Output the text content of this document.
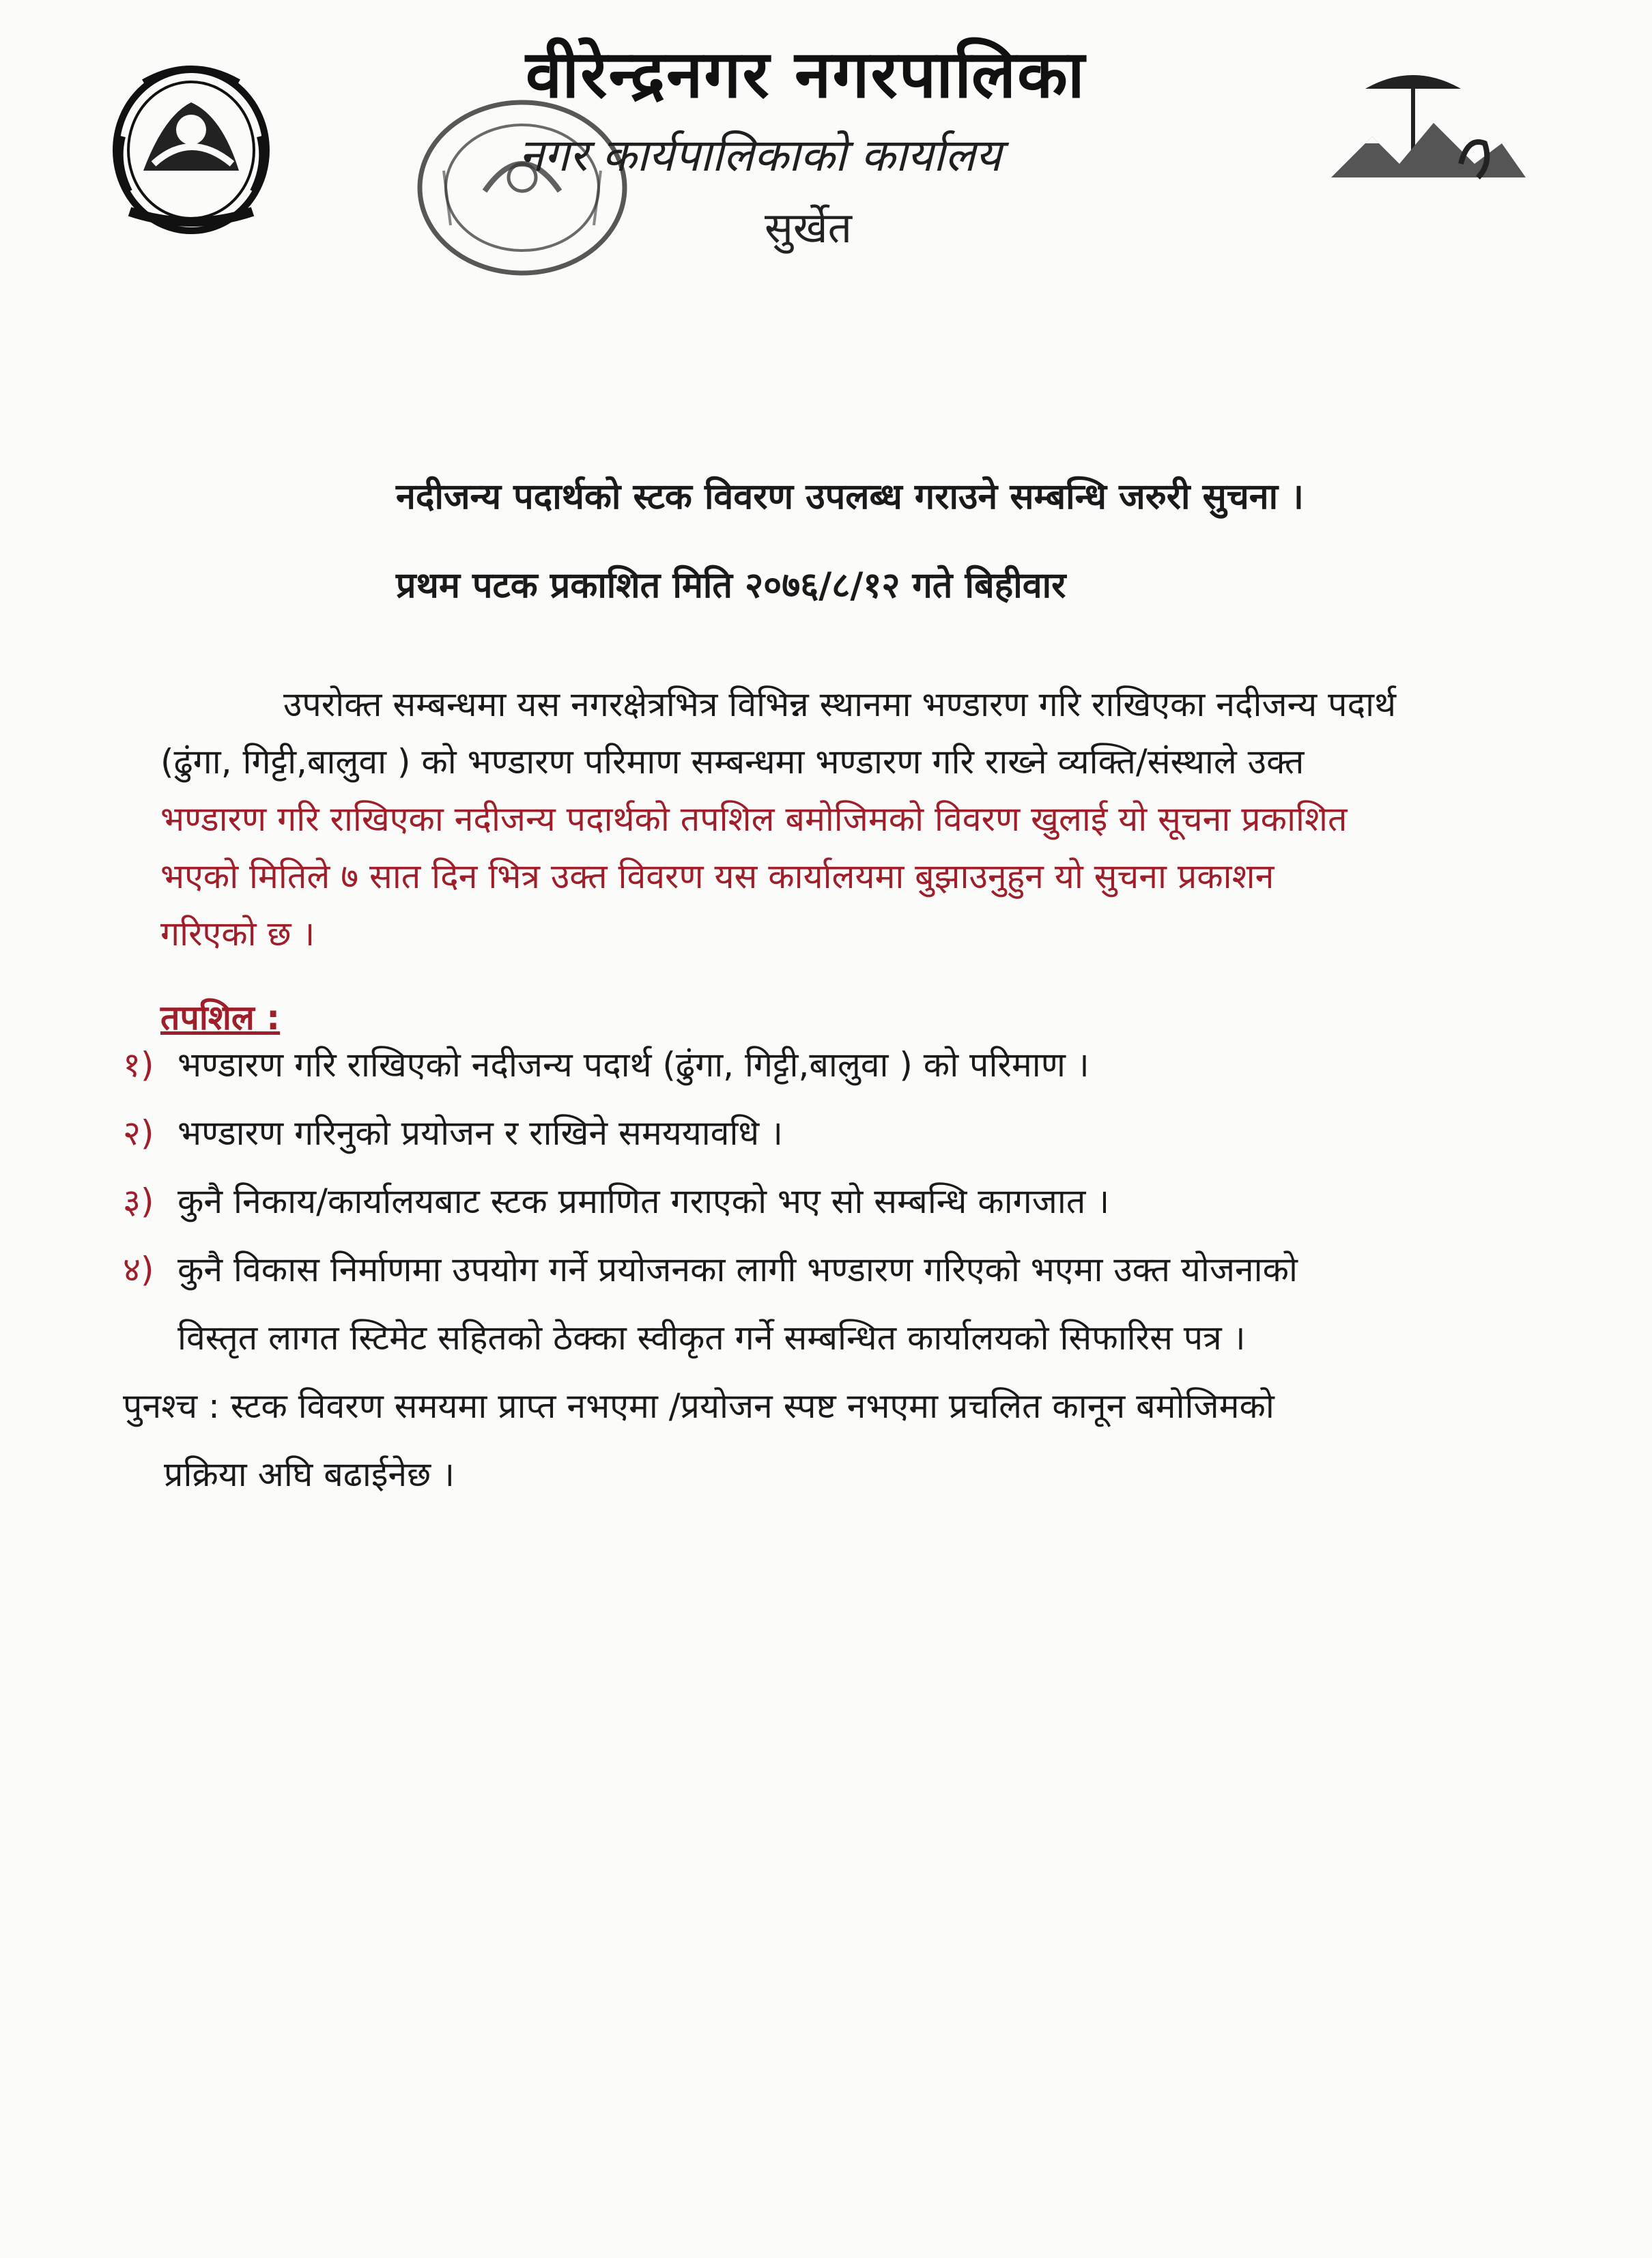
वीरेन्द्रनगर नगरपालिका
नगर कार्यपालिकाको कार्यालय
सुर्खेत
नदीजन्य पदार्थको स्टक विवरण उपलब्ध गराउने सम्बन्धि जरुरी सुचना ।
प्रथम पटक प्रकाशित मिति २०७६/८/१२ गते बिहीवार
उपरोक्त सम्बन्धमा यस नगरक्षेत्रभित्र विभिन्न स्थानमा भण्डारण गरि राखिएका नदीजन्य पदार्थ
(ढुंगा, गिट्टी,बालुवा ) को भण्डारण परिमाण सम्बन्धमा भण्डारण गरि राख्ने व्यक्ति/संस्थाले उक्त
भण्डारण गरि राखिएका नदीजन्य पदार्थको तपशिल बमोजिमको विवरण खुलाई यो सूचना प्रकाशित
भएको मितिले ७ सात दिन भित्र उक्त विवरण यस कार्यालयमा बुझाउनुहुन यो सुचना प्रकाशन
गरिएको छ ।
तपशिल :
१) भण्डारण गरि राखिएको नदीजन्य पदार्थ (ढुंगा, गिट्टी,बालुवा ) को परिमाण ।
२) भण्डारण गरिनुको प्रयोजन र राखिने समययावधि ।
३) कुनै निकाय/कार्यालयबाट स्टक प्रमाणित गराएको भए सो सम्बन्धि कागजात ।
४) कुनै विकास निर्माणमा उपयोग गर्ने प्रयोजनका लागी भण्डारण गरिएको भएमा उक्त योजनाको
विस्तृत लागत स्टिमेट सहितको ठेक्का स्वीकृत गर्ने सम्बन्धित कार्यालयको सिफारिस पत्र ।
पुनश्च : स्टक विवरण समयमा प्राप्त नभएमा /प्रयोजन स्पष्ट नभएमा प्रचलित कानून बमोजिमको
प्रक्रिया अघि बढाईनेछ ।
